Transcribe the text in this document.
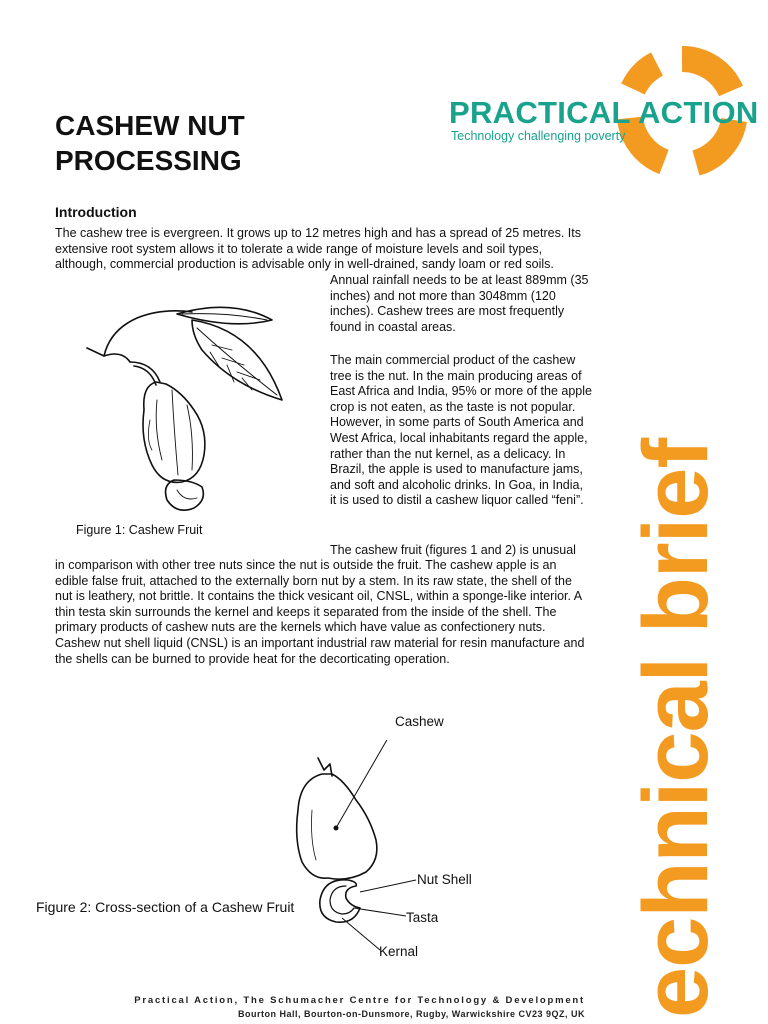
CASHEW NUT
PROCESSING
PRACTICAL ACTION
Technology challenging poverty
echnical brief
Introduction
The cashew tree is evergreen. It grows up to 12 metres high and has a spread of 25 metres. Its extensive root system allows it to tolerate a wide range of moisture levels and soil types, although, commercial production is advisable only in well-drained, sandy loam or red soils.
Annual rainfall needs to be at least 889mm (35 inches) and not more than 3048mm (120 inches). Cashew trees are most frequently found in coastal areas.
The main commercial product of the cashew tree is the nut. In the main producing areas of East Africa and India, 95% or more of the apple crop is not eaten, as the taste is not popular. However, in some parts of South America and West Africa, local inhabitants regard the apple, rather than the nut kernel, as a delicacy. In Brazil, the apple is used to manufacture jams, and soft and alcoholic drinks. In Goa, in India, it is used to distil a cashew liquor called “feni”.
The cashew fruit (figures 1 and 2) is unusual
in comparison with other tree nuts since the nut is outside the fruit. The cashew apple is an edible false fruit, attached to the externally born nut by a stem. In its raw state, the shell of the nut is leathery, not brittle. It contains the thick vesicant oil, CNSL, within a sponge-like interior. A thin testa skin surrounds the kernel and keeps it separated from the inside of the shell. The primary products of cashew nuts are the kernels which have value as confectionery nuts. Cashew nut shell liquid (CNSL) is an important industrial raw material for resin manufacture and the shells can be burned to provide heat for the decorticating operation.
Figure 1: Cashew Fruit
Figure 2: Cross-section of a Cashew Fruit
Cashew
Nut Shell
Tasta
Kernal
Practical Action, The Schumacher Centre for Technology & Development
Bourton Hall, Bourton-on-Dunsmore, Rugby, Warwickshire CV23 9QZ, UK
